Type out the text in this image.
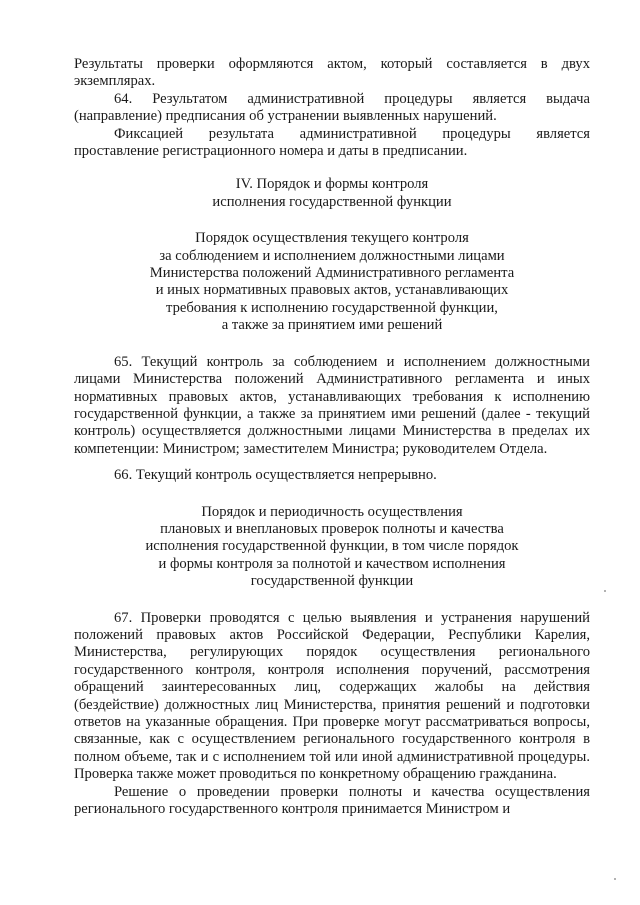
Результаты проверки оформляются актом, который составляется в двух экземплярах.

64. Результатом административной процедуры является выдача (направление) предписания об устранении выявленных нарушений.

Фиксацией результата административной процедуры является проставление регистрационного номера и даты в предписании.

IV. Порядок и формы контроля

исполнения государственной функции

Порядок осуществления текущего контроля

за соблюдением и исполнением должностными лицами

Министерства положений Административного регламента

и иных нормативных правовых актов, устанавливающих

требования к исполнению государственной функции,

а также за принятием ими решений

65. Текущий контроль за соблюдением и исполнением должностными лицами Министерства положений Административного регламента и иных нормативных правовых актов, устанавливающих требования к исполнению государственной функции, а также за принятием ими решений (далее - текущий контроль) осуществляется должностными лицами Министерства в пределах их компетенции: Министром; заместителем Министра; руководителем Отдела.

66. Текущий контроль осуществляется непрерывно.

Порядок и периодичность осуществления

плановых и внеплановых проверок полноты и качества

исполнения государственной функции, в том числе порядок

и формы контроля за полнотой и качеством исполнения

государственной функции

67. Проверки проводятся с целью выявления и устранения нарушений положений правовых актов Российской Федерации, Республики Карелия, Министерства, регулирующих порядок осуществления регионального государственного контроля, контроля исполнения поручений, рассмотрения обращений заинтересованных лиц, содержащих жалобы на действия (бездействие) должностных лиц Министерства, принятия решений и подготовки ответов на указанные обращения. При проверке могут рассматриваться вопросы, связанные, как с осуществлением регионального государственного контроля в полном объеме, так и с исполнением той или иной административной процедуры. Проверка также может проводиться по конкретному обращению гражданина.

Решение о проведении проверки полноты и качества осуществления регионального государственного контроля принимается Министром и
